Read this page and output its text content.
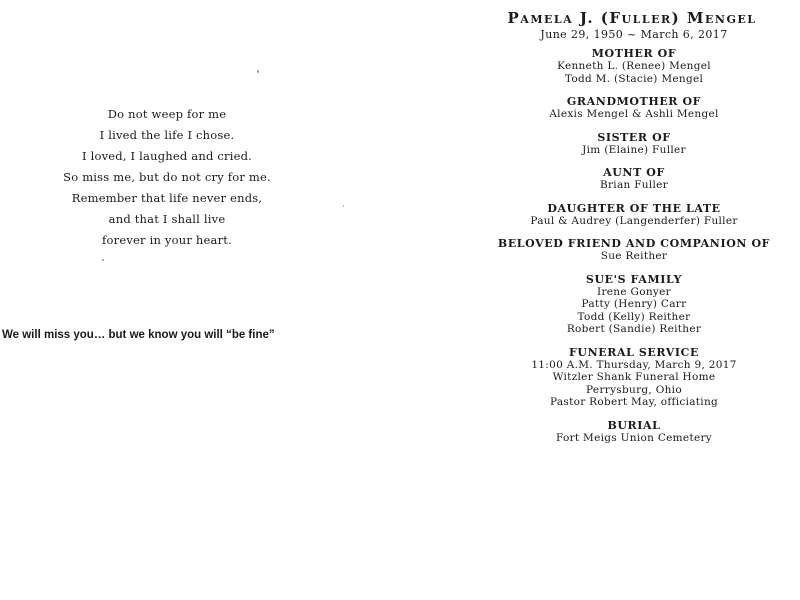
Do not weep for me
I lived the life I chose.
I loved, I laughed and cried.
So miss me, but do not cry for me.
Remember that life never ends,
and that I shall live
forever in your heart.
We will miss you… but we know you will “be fine”
Pamela J. (Fuller) Mengel
June 29, 1950 ~ March 6, 2017
MOTHER OF
Kenneth L. (Renee) Mengel
Todd M. (Stacie) Mengel
GRANDMOTHER OF
Alexis Mengel & Ashli Mengel
SISTER OF
Jim (Elaine) Fuller
AUNT OF
Brian Fuller
DAUGHTER OF THE LATE
Paul & Audrey (Langenderfer) Fuller
BELOVED FRIEND AND COMPANION OF
Sue Reither
SUE'S FAMILY
Irene Gonyer
Patty (Henry) Carr
Todd (Kelly) Reither
Robert (Sandie) Reither
FUNERAL SERVICE
11:00 A.M. Thursday, March 9, 2017
Witzler Shank Funeral Home
Perrysburg, Ohio
Pastor Robert May, officiating
BURIAL
Fort Meigs Union Cemetery
